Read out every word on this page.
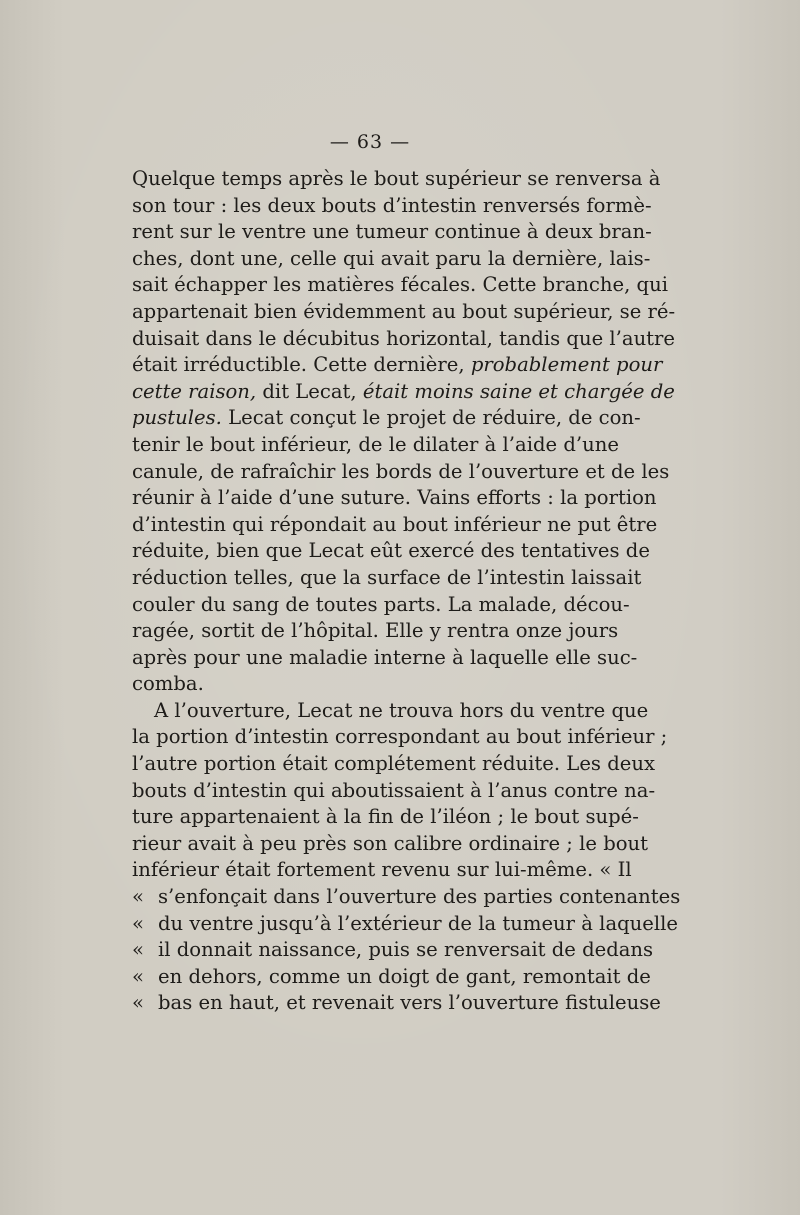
— 63 —
Quelque temps après le bout supérieur se renversa à
son tour : les deux bouts d’intestin renversés formè-
rent sur le ventre une tumeur continue à deux bran-
ches, dont une, celle qui avait paru la dernière, lais-
sait échapper les matières fécales. Cette branche, qui
appartenait bien évidemment au bout supérieur, se ré-
duisait dans le décubitus horizontal, tandis que l’autre
était irréductible. Cette dernière, probablement pour
cette raison, dit Lecat, était moins saine et chargée de
pustules. Lecat conçut le projet de réduire, de con-
tenir le bout inférieur, de le dilater à l’aide d’une
canule, de rafraîchir les bords de l’ouverture et de les
réunir à l’aide d’une suture. Vains efforts : la portion
d’intestin qui répondait au bout inférieur ne put être
réduite, bien que Lecat eût exercé des tentatives de
réduction telles, que la surface de l’intestin laissait
couler du sang de toutes parts. La malade, décou-
ragée, sortit de l’hôpital. Elle y rentra onze jours
après pour une maladie interne à laquelle elle suc-
comba.
A l’ouverture, Lecat ne trouva hors du ventre que
la portion d’intestin correspondant au bout inférieur ;
l’autre portion était complétement réduite. Les deux
bouts d’intestin qui aboutissaient à l’anus contre na-
ture appartenaient à la fin de l’iléon ; le bout supé-
rieur avait à peu près son calibre ordinaire ; le bout
inférieur était fortement revenu sur lui-même. « Il
« s’enfonçait dans l’ouverture des parties contenantes
« du ventre jusqu’à l’extérieur de la tumeur à laquelle
« il donnait naissance, puis se renversait de dedans
« en dehors, comme un doigt de gant, remontait de
« bas en haut, et revenait vers l’ouverture fistuleuse
